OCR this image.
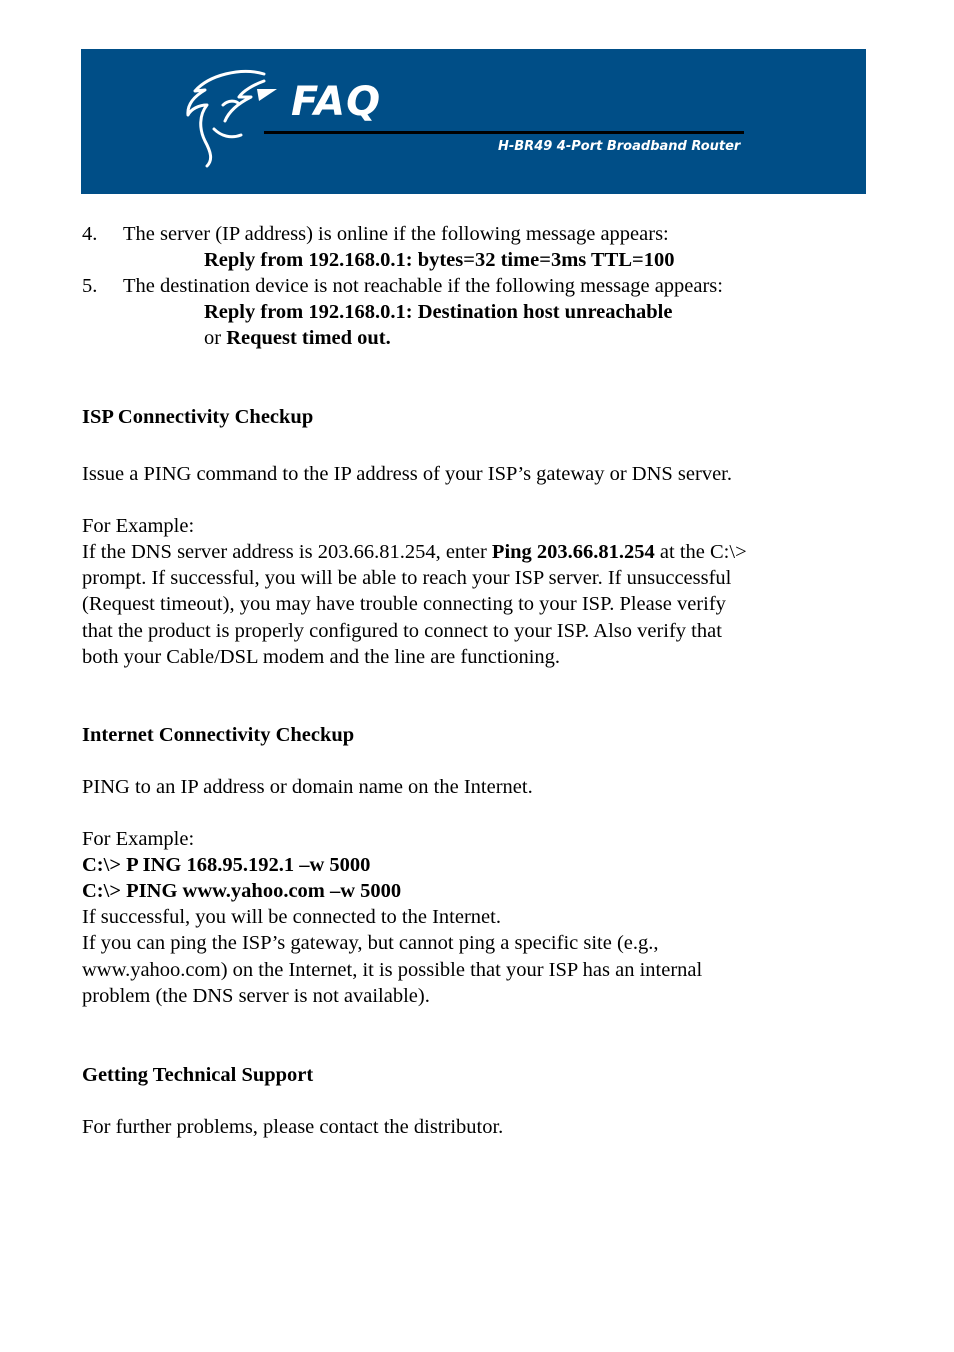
FAQ
H-BR49 4-Port Broadband Router
4. The server (IP address) is online if the following message appears:
Reply from 192.168.0.1: bytes=32 time=3ms TTL=100
5. The destination device is not reachable if the following message appears:
Reply from 192.168.0.1: Destination host unreachable
or Request timed out.
ISP Connectivity Checkup
Issue a PING command to the IP address of your ISP’s gateway or DNS server.
For Example:
If the DNS server address is 203.66.81.254, enter Ping 203.66.81.254 at the C:\>
prompt. If successful, you will be able to reach your ISP server. If unsuccessful
(Request timeout), you may have trouble connecting to your ISP. Please verify
that the product is properly configured to connect to your ISP. Also verify that
both your Cable/DSL modem and the line are functioning.
Internet Connectivity Checkup
PING to an IP address or domain name on the Internet.
For Example:
C:\> P ING 168.95.192.1 –w 5000
C:\> PING www.yahoo.com –w 5000
If successful, you will be connected to the Internet.
If you can ping the ISP’s gateway, but cannot ping a specific site (e.g.,
www.yahoo.com) on the Internet, it is possible that your ISP has an internal
problem (the DNS server is not available).
Getting Technical Support
For further problems, please contact the distributor.
